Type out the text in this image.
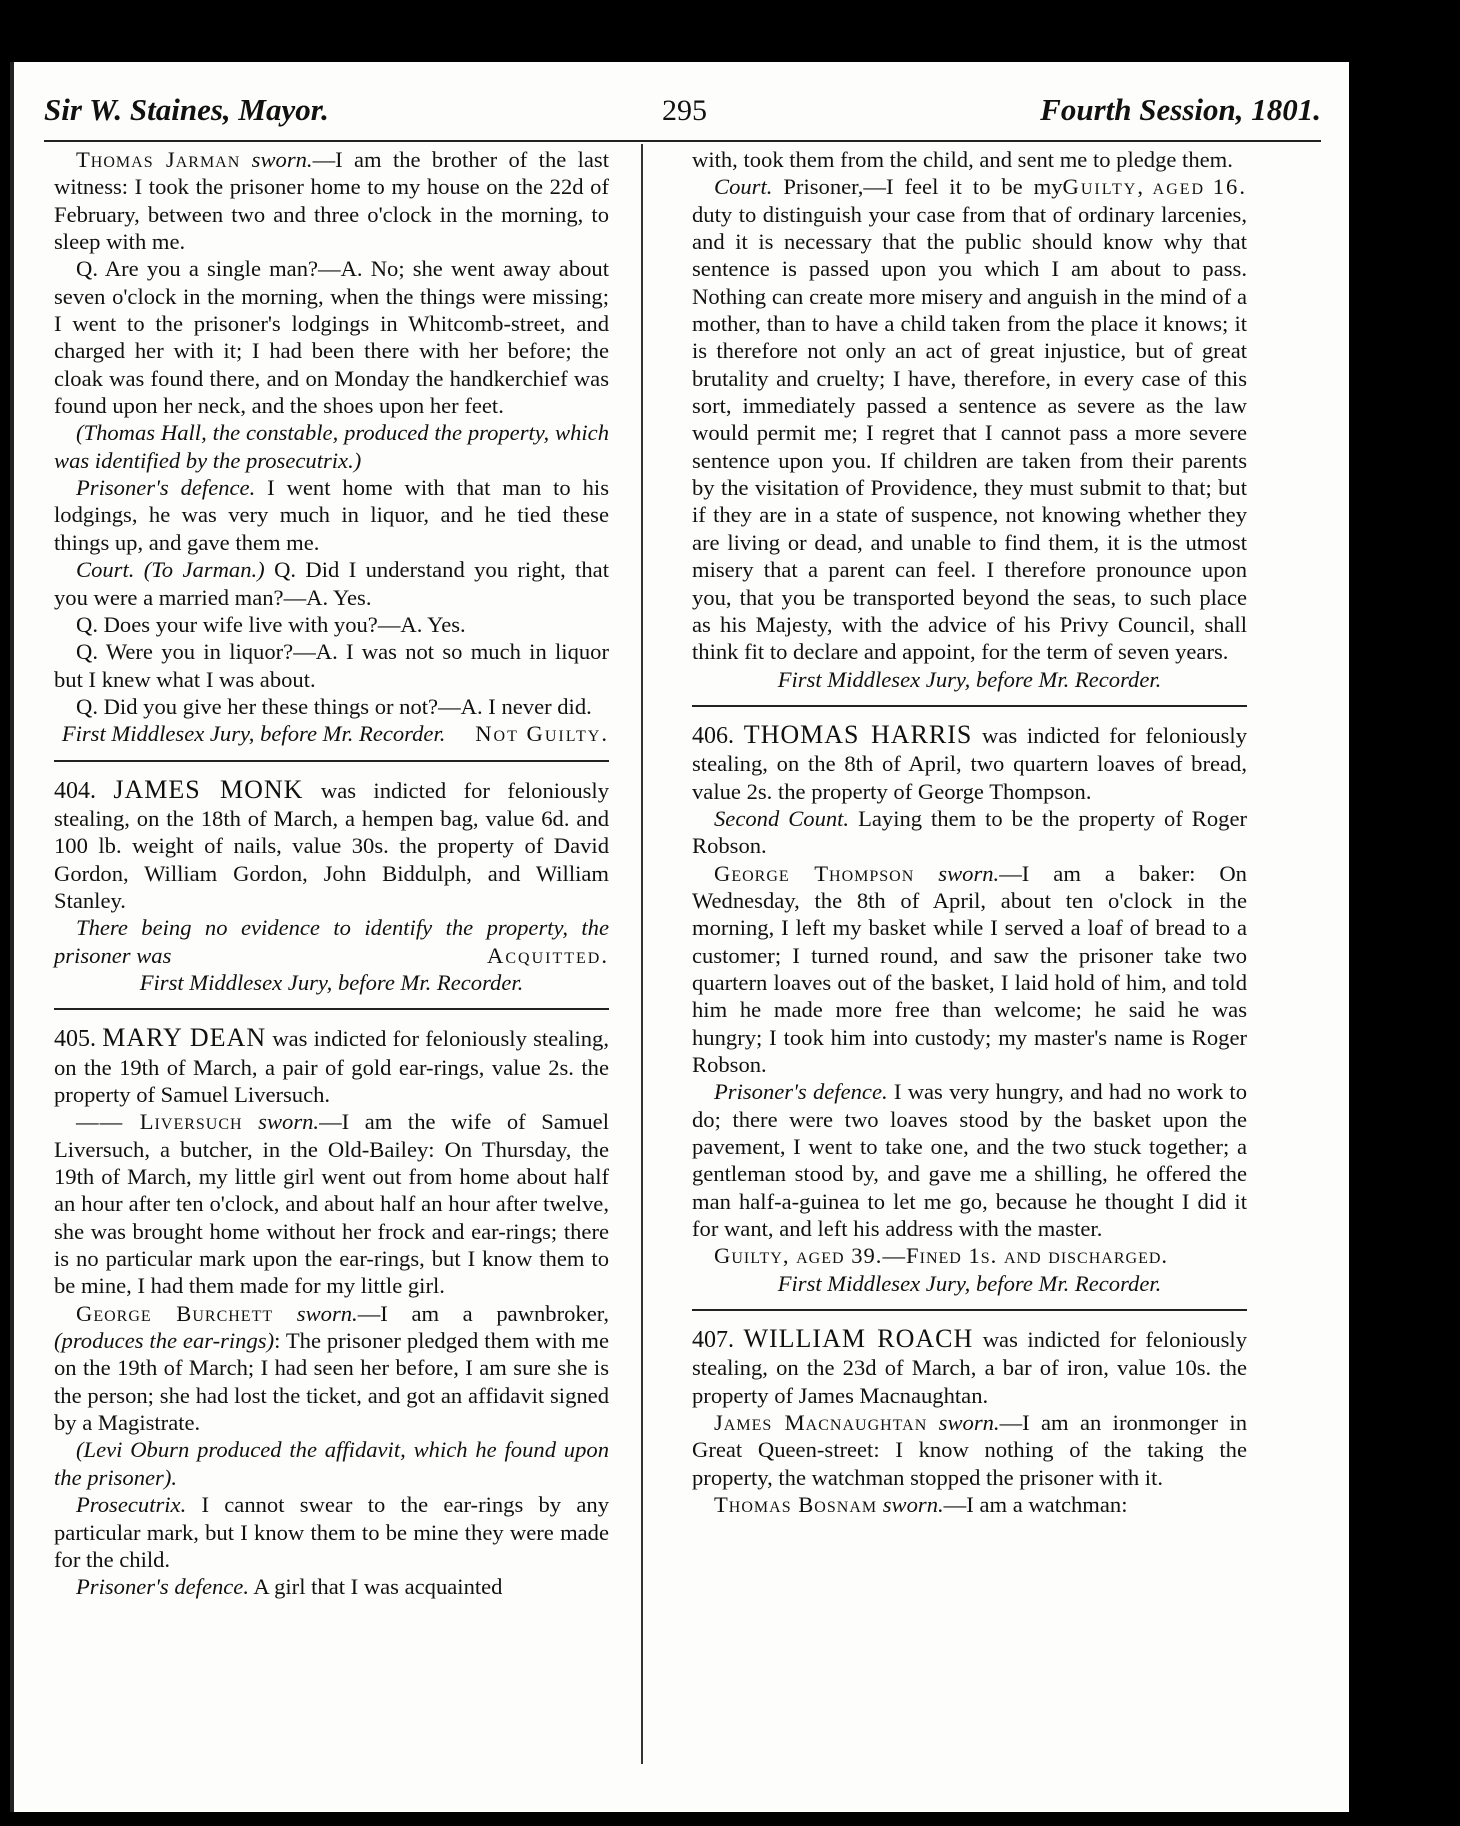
Sir W. Staines, Mayor.	295	Fourth Session, 1801.

Thomas Jarman sworn.—I am the brother of the last witness: I took the prisoner home to my house on the 22d of February, between two and three o'clock in the morning, to sleep with me.

Q. Are you a single man?—A. No; she went away about seven o'clock in the morning, when the things were missing; I went to the prisoner's lodgings in Whitcomb-street, and charged her with it; I had been there with her before; the cloak was found there, and on Monday the handkerchief was found upon her neck, and the shoes upon her feet.

(Thomas Hall, the constable, produced the property, which was identified by the prosecutrix.)

Prisoner's defence. I went home with that man to his lodgings, he was very much in liquor, and he tied these things up, and gave them me.

Court. (To Jarman.) Q. Did I understand you right, that you were a married man?—A. Yes.

Q. Does your wife live with you?—A. Yes.

Q. Were you in liquor?—A. I was not so much in liquor but I knew what I was about.

Q. Did you give her these things or not?—A. I never did.
Not Guilty.

First Middlesex Jury, before Mr. Recorder.

404. JAMES MONK was indicted for feloniously stealing, on the 18th of March, a hempen bag, value 6d. and 100 lb. weight of nails, value 30s. the property of David Gordon, William Gordon, John Biddulph, and William Stanley.

There being no evidence to identify the property, the prisoner was	Acquitted.

First Middlesex Jury, before Mr. Recorder.

405. MARY DEAN was indicted for feloniously stealing, on the 19th of March, a pair of gold ear-rings, value 2s. the property of Samuel Liversuch.

—— Liversuch sworn.—I am the wife of Samuel Liversuch, a butcher, in the Old-Bailey: On Thursday, the 19th of March, my little girl went out from home about half an hour after ten o'clock, and about half an hour after twelve, she was brought home without her frock and ear-rings; there is no particular mark upon the ear-rings, but I know them to be mine, I had them made for my little girl.

George Burchett sworn.—I am a pawnbroker, (produces the ear-rings): The prisoner pledged them with me on the 19th of March; I had seen her before, I am sure she is the person; she had lost the ticket, and got an affidavit signed by a Magistrate.

(Levi Oburn produced the affidavit, which he found upon the prisoner).

Prosecutrix. I cannot swear to the ear-rings by any particular mark, but I know them to be mine they were made for the child.

Prisoner's defence. A girl that I was acquainted

with, took them from the child, and sent me to pledge them.
Guilty, aged 16.

Court. Prisoner,—I feel it to be my duty to distinguish your case from that of ordinary larcenies, and it is necessary that the public should know why that sentence is passed upon you which I am about to pass. Nothing can create more misery and anguish in the mind of a mother, than to have a child taken from the place it knows; it is therefore not only an act of great injustice, but of great brutality and cruelty; I have, therefore, in every case of this sort, immediately passed a sentence as severe as the law would permit me; I regret that I cannot pass a more severe sentence upon you. If children are taken from their parents by the visitation of Providence, they must submit to that; but if they are in a state of suspence, not knowing whether they are living or dead, and unable to find them, it is the utmost misery that a parent can feel. I therefore pronounce upon you, that you be transported beyond the seas, to such place as his Majesty, with the advice of his Privy Council, shall think fit to declare and appoint, for the term of seven years.

First Middlesex Jury, before Mr. Recorder.

406. THOMAS HARRIS was indicted for feloniously stealing, on the 8th of April, two quartern loaves of bread, value 2s. the property of George Thompson.

Second Count. Laying them to be the property of Roger Robson.

George Thompson sworn.—I am a baker: On Wednesday, the 8th of April, about ten o'clock in the morning, I left my basket while I served a loaf of bread to a customer; I turned round, and saw the prisoner take two quartern loaves out of the basket, I laid hold of him, and told him he made more free than welcome; he said he was hungry; I took him into custody; my master's name is Roger Robson.

Prisoner's defence. I was very hungry, and had no work to do; there were two loaves stood by the basket upon the pavement, I went to take one, and the two stuck together; a gentleman stood by, and gave me a shilling, he offered the man half-a-guinea to let me go, because he thought I did it for want, and left his address with the master.

Guilty, aged 39.—Fined 1s. and discharged.

First Middlesex Jury, before Mr. Recorder.

407. WILLIAM ROACH was indicted for feloniously stealing, on the 23d of March, a bar of iron, value 10s. the property of James Macnaughtan.

James Macnaughtan sworn.—I am an ironmonger in Great Queen-street: I know nothing of the taking the property, the watchman stopped the prisoner with it.

Thomas Bosnam sworn.—I am a watchman:
